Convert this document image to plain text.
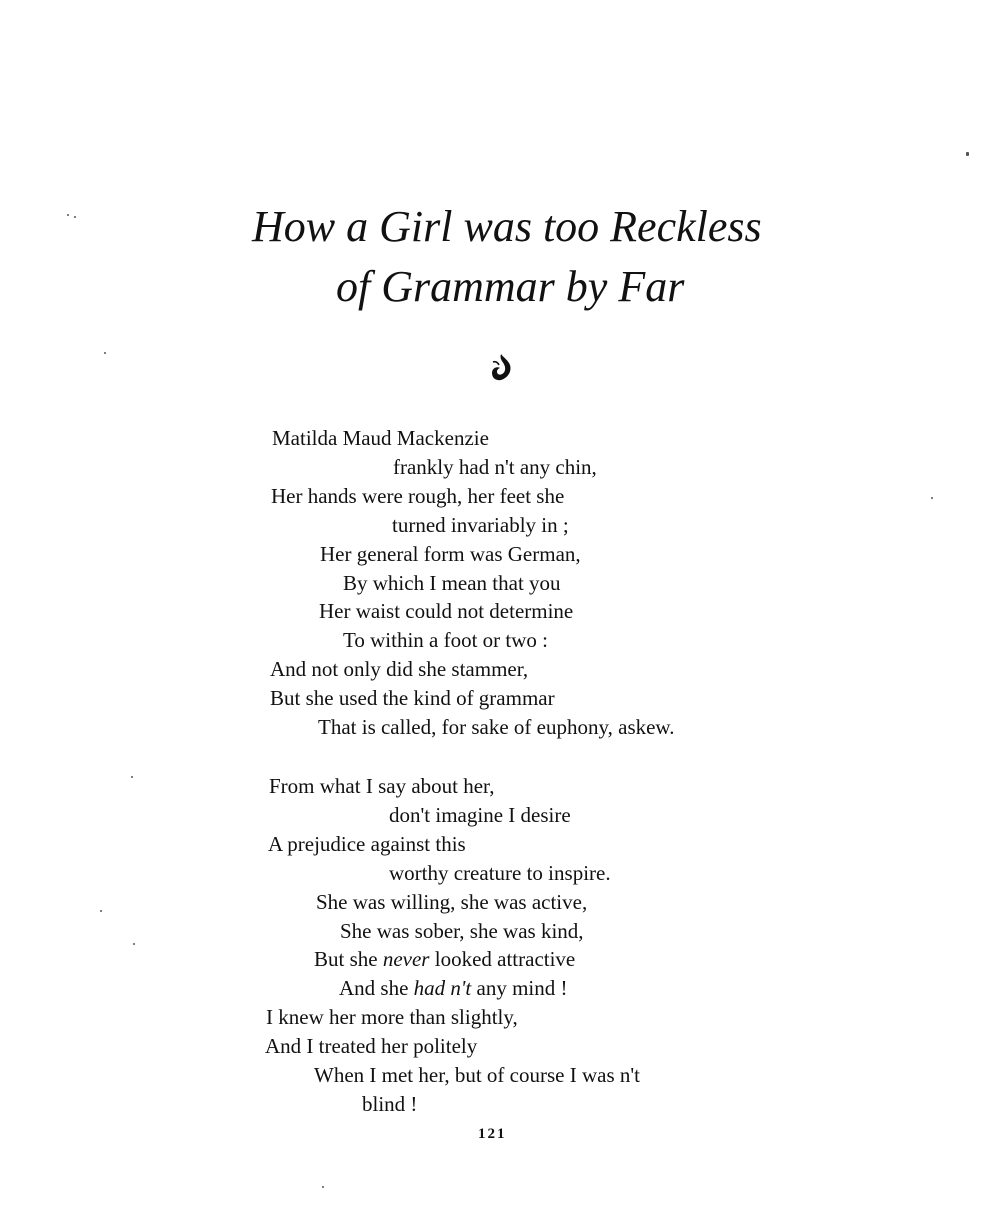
How a Girl was too Reckless
of Grammar by Far
Matilda Maud Mackenzie
frankly had n't any chin,
Her hands were rough, her feet she
turned invariably in ;
Her general form was German,
By which I mean that you
Her waist could not determine
To within a foot or two :
And not only did she stammer,
But she used the kind of grammar
That is called, for sake of euphony, askew.
From what I say about her,
don't imagine I desire
A prejudice against this
worthy creature to inspire.
She was willing, she was active,
She was sober, she was kind,
But she never looked attractive
And she had n't any mind !
I knew her more than slightly,
And I treated her politely
When I met her, but of course I was n't
blind !
121
